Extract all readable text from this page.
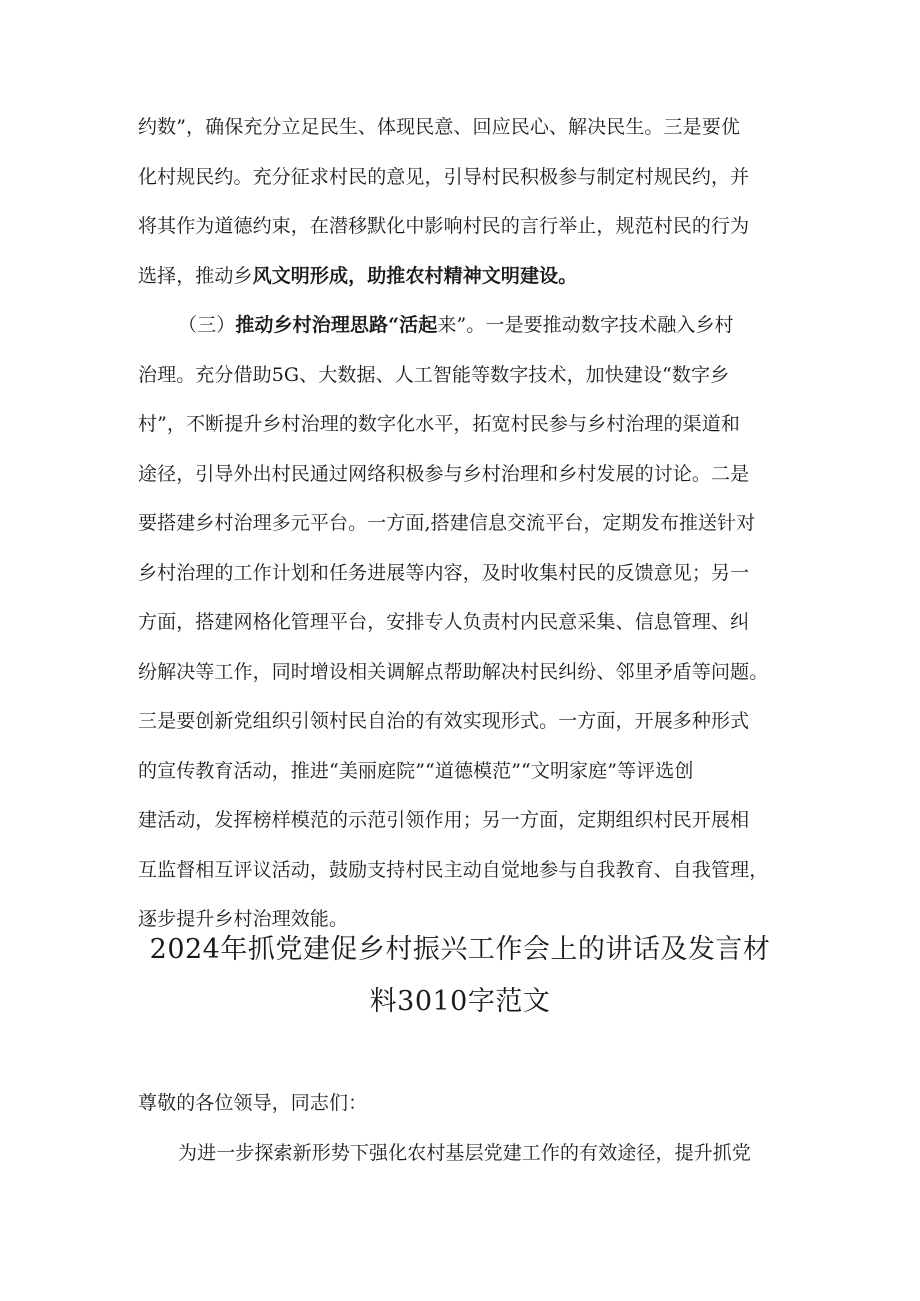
约数”，确保充分立足民生、体现民意、回应民心、解决民生。三是要优
化村规民约。充分征求村民的意见，引导村民积极参与制定村规民约，并
将其作为道德约束，在潜移默化中影响村民的言行举止，规范村民的行为
选择，推动乡风文明形成，助推农村精神文明建设。
（三）推动乡村治理思路“活起来”。一是要推动数字技术融入乡村
治理。充分借助5G、大数据、人工智能等数字技术，加快建设“数字乡
村”，不断提升乡村治理的数字化水平，拓宽村民参与乡村治理的渠道和
途径，引导外出村民通过网络积极参与乡村治理和乡村发展的讨论。二是
要搭建乡村治理多元平台。一方面,搭建信息交流平台，定期发布推送针对
乡村治理的工作计划和任务进展等内容，及时收集村民的反馈意见；另一
方面，搭建网格化管理平台，安排专人负责村内民意采集、信息管理、纠
纷解决等工作，同时增设相关调解点帮助解决村民纠纷、邻里矛盾等问题。
三是要创新党组织引领村民自治的有效实现形式。一方面，开展多种形式
的宣传教育活动，推进“美丽庭院”“道德模范”“文明家庭”等评选创
建活动，发挥榜样模范的示范引领作用；另一方面，定期组织村民开展相
互监督相互评议活动，鼓励支持村民主动自觉地参与自我教育、自我管理，
逐步提升乡村治理效能。
2024年抓党建促乡村振兴工作会上的讲话及发言材
料3010字范文
尊敬的各位领导，同志们：
为进一步探索新形势下强化农村基层党建工作的有效途径，提升抓党
